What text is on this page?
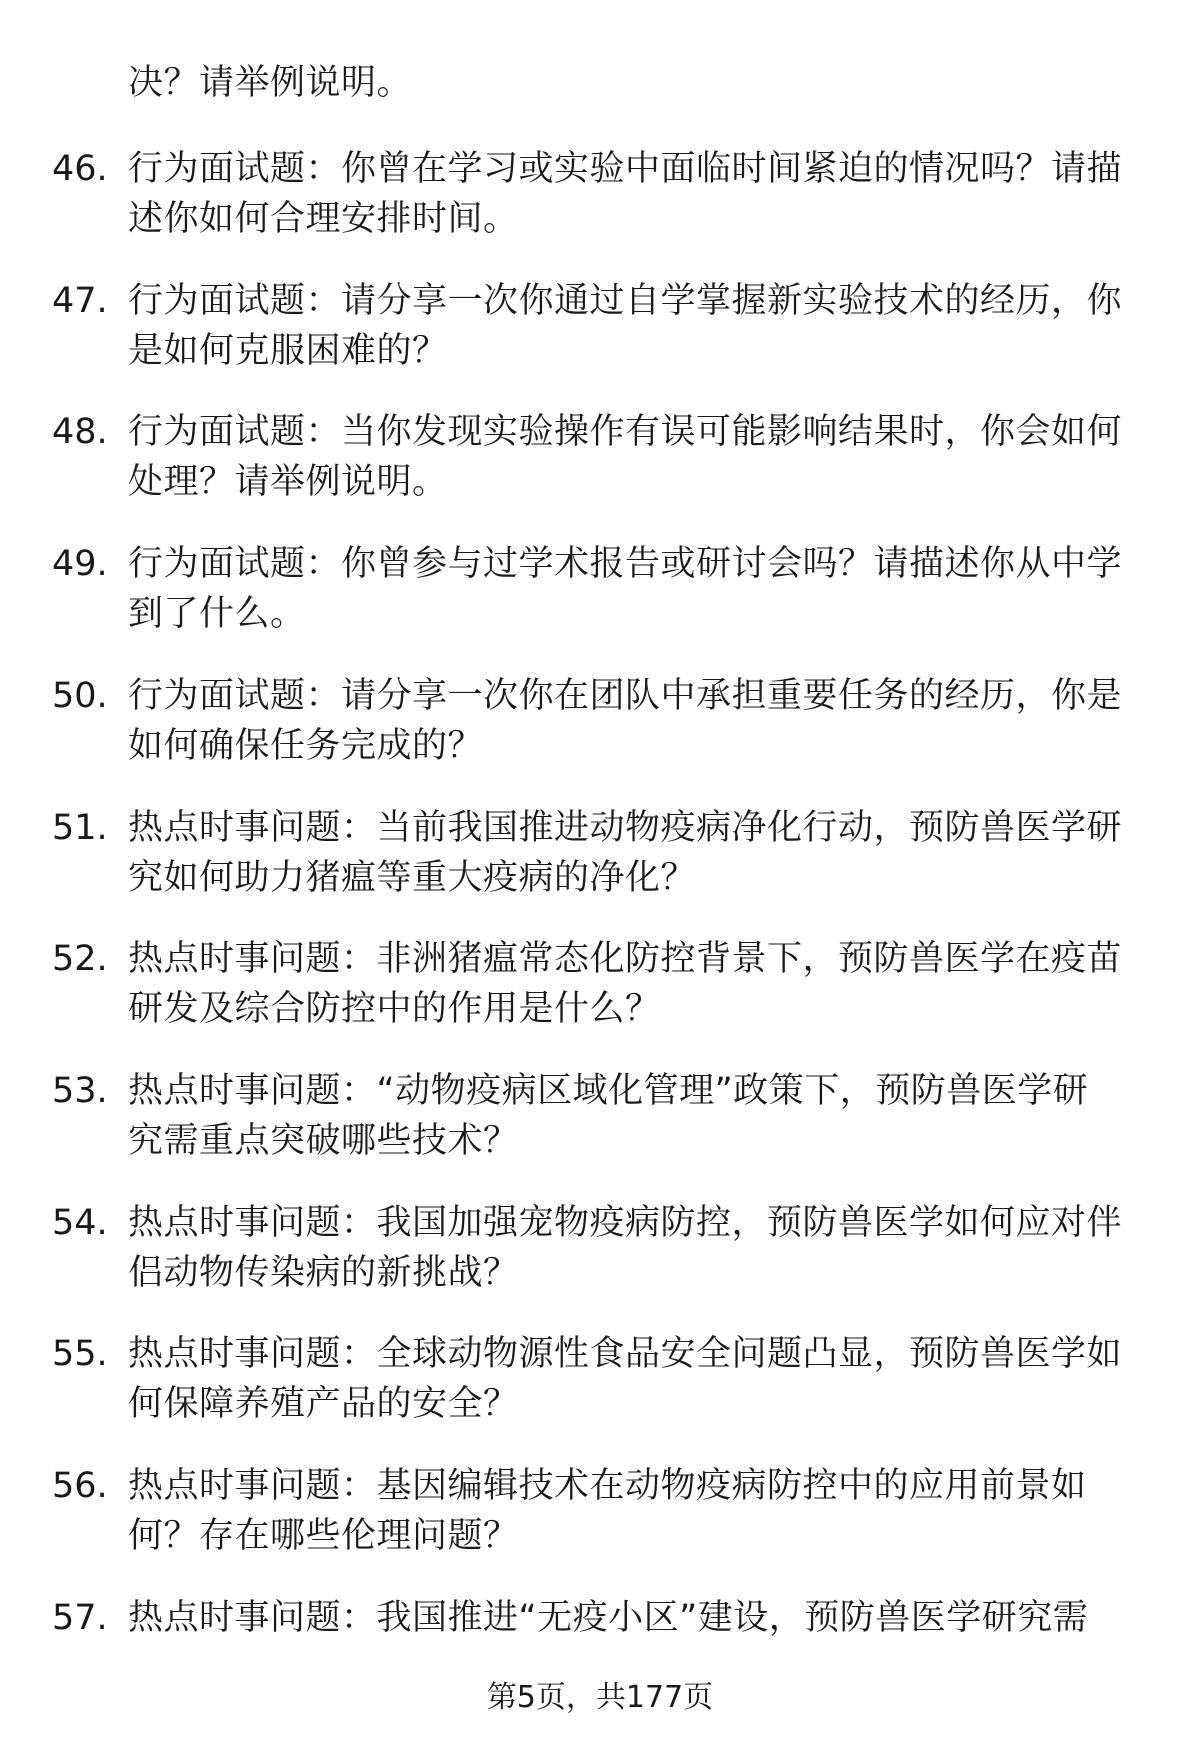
决？请举例说明。
46. 行为面试题：你曾在学习或实验中面临时间紧迫的情况吗？请描
述你如何合理安排时间。
47. 行为面试题：请分享一次你通过自学掌握新实验技术的经历，你
是如何克服困难的？
48. 行为面试题：当你发现实验操作有误可能影响结果时，你会如何
处理？请举例说明。
49. 行为面试题：你曾参与过学术报告或研讨会吗？请描述你从中学
到了什么。
50. 行为面试题：请分享一次你在团队中承担重要任务的经历，你是
如何确保任务完成的？
51. 热点时事问题：当前我国推进动物疫病净化行动，预防兽医学研
究如何助力猪瘟等重大疫病的净化？
52. 热点时事问题：非洲猪瘟常态化防控背景下，预防兽医学在疫苗
研发及综合防控中的作用是什么？
53. 热点时事问题：“动物疫病区域化管理”政策下，预防兽医学研
究需重点突破哪些技术？
54. 热点时事问题：我国加强宠物疫病防控，预防兽医学如何应对伴
侣动物传染病的新挑战？
55. 热点时事问题：全球动物源性食品安全问题凸显，预防兽医学如
何保障养殖产品的安全？
56. 热点时事问题：基因编辑技术在动物疫病防控中的应用前景如
何？存在哪些伦理问题？
57. 热点时事问题：我国推进“无疫小区”建设，预防兽医学研究需
第5页，共177页
